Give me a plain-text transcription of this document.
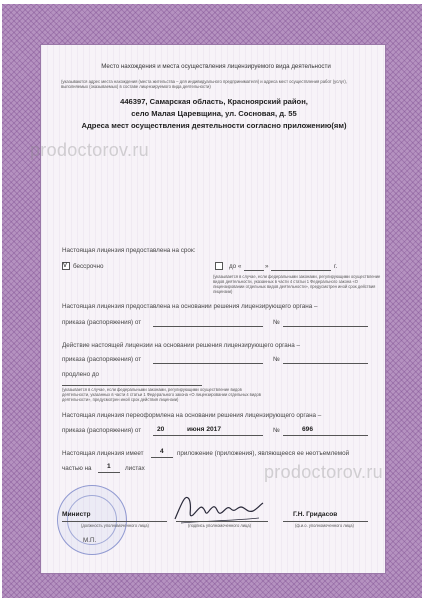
Место нахождения и места осуществления лицензируемого вида деятельности
(указываются адрес места нахождения (места жительства – для индивидуального предпринимателя) и адреса мест осуществления работ (услуг), выполняемых (оказываемых) в составе лицензируемого вида деятельности)
446397, Самарская область, Красноярский район,
село Малая Царевщина, ул. Сосновая, д. 55
Адреса мест осуществления деятельности согласно приложению(ям)
Настоящая лицензия предоставлена на срок:
v бессрочно	до «	»	г.
(указывается в случае, если федеральными законами, регулирующими осуществление видов деятельности, указанных в части 4 статьи 1 Федерального закона «О лицензировании отдельных видов деятельности», предусмотрен иной срок действия лицензии)
Настоящая лицензия предоставлена на основании решения лицензирующего органа –
приказа (распоряжения) от	№
Действие настоящей лицензии на основании решения лицензирующего органа –
приказа (распоряжения) от	№
продлено до
(указывается в случае, если федеральными законами, регулирующими осуществление видов деятельности, указанных в части 4 статьи 1 Федерального закона «О лицензировании отдельных видов деятельности», предусмотрен иной срок действия лицензии)
Настоящая лицензия переоформлена на основании решения лицензирующего органа –
приказа (распоряжения) от 20	июня 2017	№	696
Настоящая лицензия имеет 4 приложение (приложения), являющееся ее неотъемлемой
частью на 1 листах
Министр
(должность уполномоченного лица)	(подпись уполномоченного лица)
Г.Н. Гридасов
(ф.и.о. уполномоченного лица)
М.П.
prodoctorov.ru
prodoctorov.ru
